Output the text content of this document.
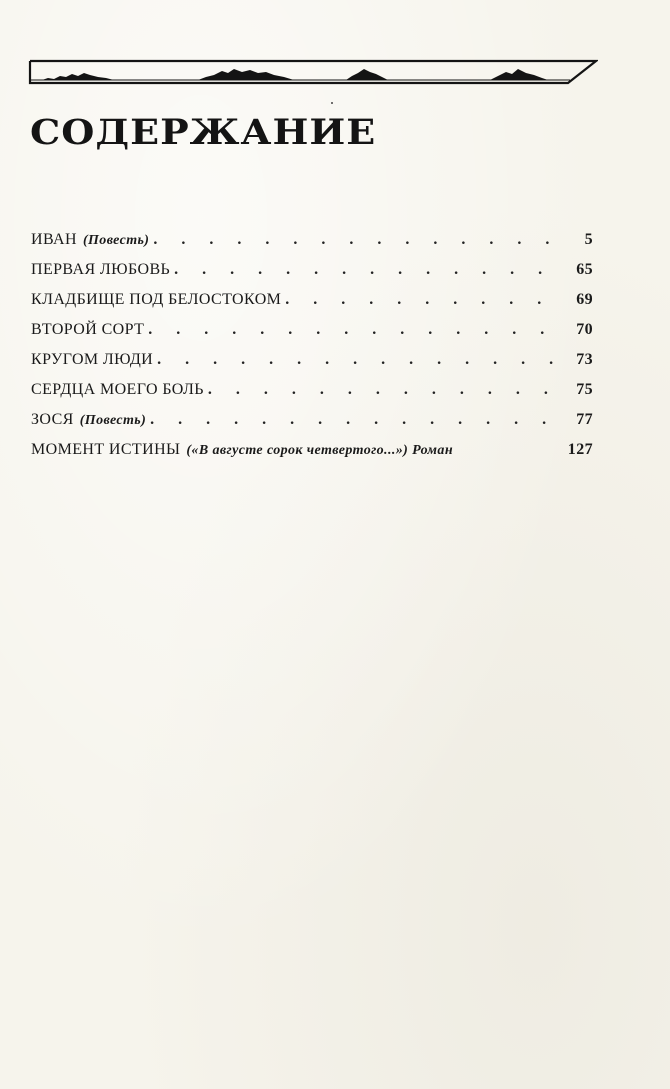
СОДЕРЖАНИЕ
ИВАН (Повесть) . . .	5
ПЕРВАЯ ЛЮБОВЬ . . .	65
КЛАДБИЩЕ ПОД БЕЛОСТОКОМ . . .	69
ВТОРОЙ СОРТ . . .	70
КРУГОМ ЛЮДИ . . .	73
СЕРДЦА МОЕГО БОЛЬ . . .	75
ЗОСЯ (Повесть) . . .	77
МОМЕНТ ИСТИНЫ («В августе сорок четвертого...») Роман	127
